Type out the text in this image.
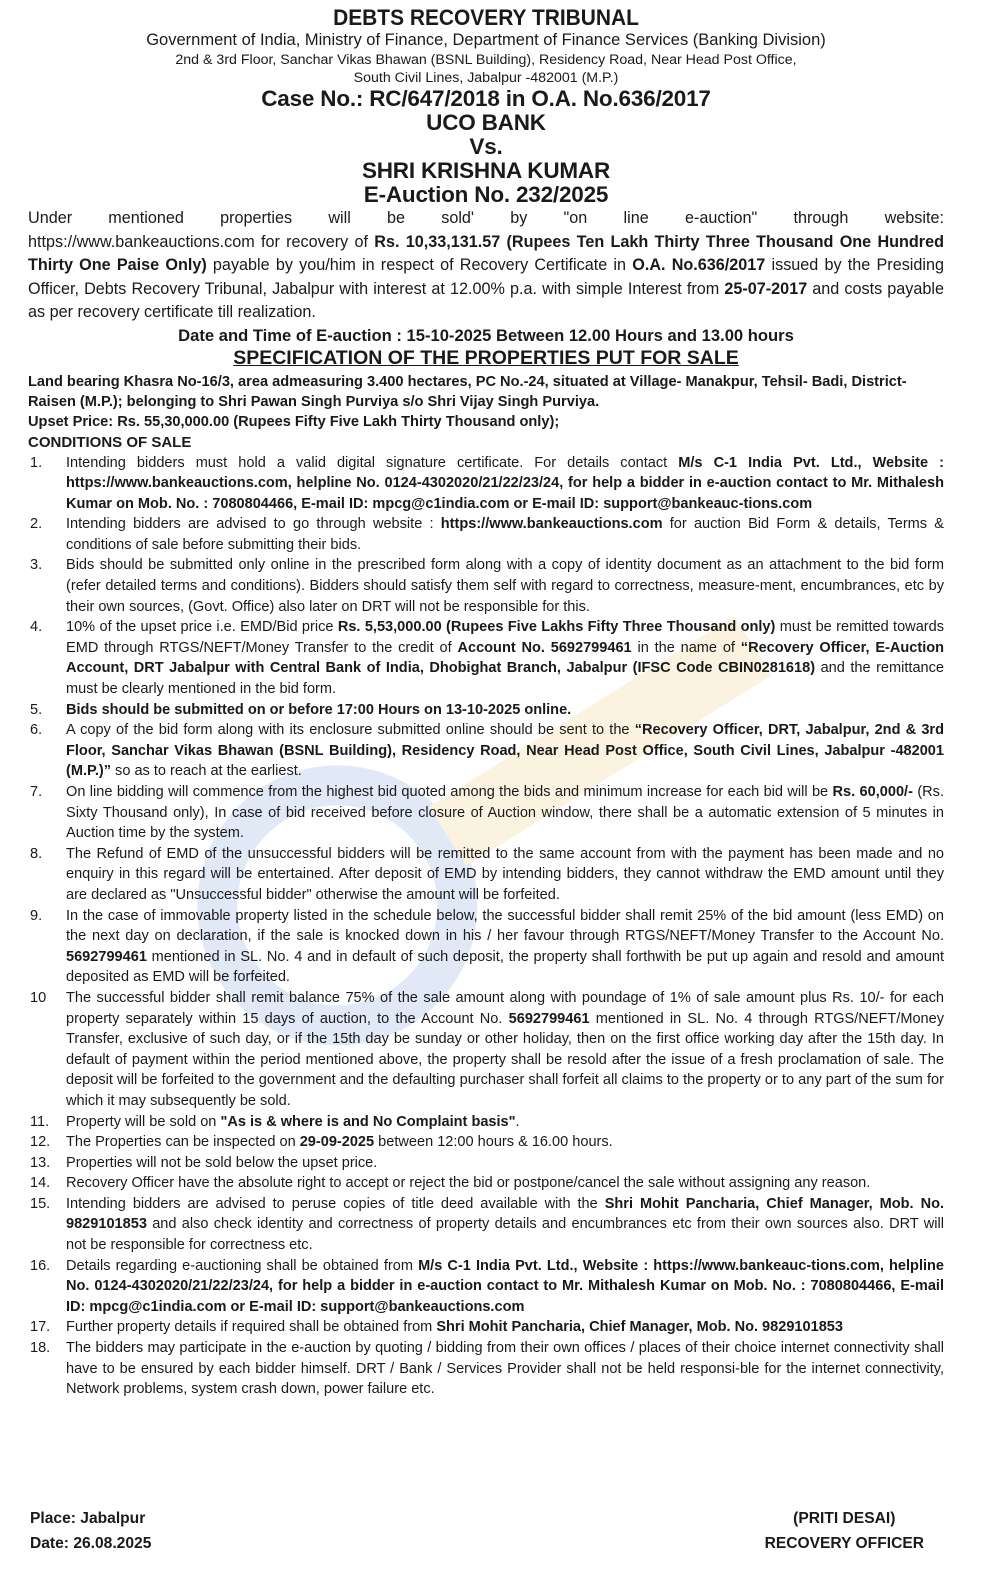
DEBTS RECOVERY TRIBUNAL
Government of India, Ministry of Finance, Department of Finance Services (Banking Division)
2nd & 3rd Floor, Sanchar Vikas Bhawan (BSNL Building), Residency Road, Near Head Post Office,
South Civil Lines, Jabalpur -482001 (M.P.)
Case No.: RC/647/2018 in O.A. No.636/2017
UCO BANK
Vs.
SHRI KRISHNA KUMAR
E-Auction No. 232/2025

Under mentioned properties will be sold' by "on line e-auction" through website:

https://www.bankeauctions.com for recovery of Rs. 10,33,131.57 (Rupees Ten Lakh Thirty Three Thousand One Hundred Thirty One Paise Only) payable by you/him in respect of Recovery Certificate in O.A. No.636/2017 issued by the Presiding Officer, Debts Recovery Tribunal, Jabalpur with interest at 12.00% p.a. with simple Interest from 25-07-2017 and costs payable as per recovery certificate till realization.

Date and Time of E-auction : 15-10-2025 Between 12.00 Hours and 13.00 hours
SPECIFICATION OF THE PROPERTIES PUT FOR SALE
Land bearing Khasra No-16/3, area admeasuring 3.400 hectares, PC No.-24, situated at Village- Manakpur, Tehsil- Badi, District- Raisen (M.P.); belonging to Shri Pawan Singh Purviya s/o Shri Vijay Singh Purviya.
Upset Price: Rs. 55,30,000.00 (Rupees Fifty Five Lakh Thirty Thousand only);
CONDITIONS OF SALE
1. Intending bidders must hold a valid digital signature certificate. For details contact M/s C-1 India Pvt. Ltd., Website : https://www.bankeauctions.com, helpline No. 0124-4302020/21/22/23/24, for help a bidder in e-auction contact to Mr. Mithalesh Kumar on Mob. No. : 7080804466, E-mail ID: mpcg@c1india.com or E-mail ID: support@bankeauc-tions.com
2. Intending bidders are advised to go through website : https://www.bankeauctions.com for auction Bid Form & details, Terms & conditions of sale before submitting their bids.
3. Bids should be submitted only online in the prescribed form along with a copy of identity document as an attachment to the bid form (refer detailed terms and conditions). Bidders should satisfy them self with regard to correctness, measure-ment, encumbrances, etc by their own sources, (Govt. Office) also later on DRT will not be responsible for this.
4. 10% of the upset price i.e. EMD/Bid price Rs. 5,53,000.00 (Rupees Five Lakhs Fifty Three Thousand only) must be remitted towards EMD through RTGS/NEFT/Money Transfer to the credit of Account No. 5692799461 in the name of “Recovery Officer, E-Auction Account, DRT Jabalpur with Central Bank of India, Dhobighat Branch, Jabalpur (IFSC Code CBIN0281618) and the remittance must be clearly mentioned in the bid form.
5. Bids should be submitted on or before 17:00 Hours on 13-10-2025 online.
6. A copy of the bid form along with its enclosure submitted online should be sent to the “Recovery Officer, DRT, Jabalpur, 2nd & 3rd Floor, Sanchar Vikas Bhawan (BSNL Building), Residency Road, Near Head Post Office, South Civil Lines, Jabalpur -482001 (M.P.)” so as to reach at the earliest.
7. On line bidding will commence from the highest bid quoted among the bids and minimum increase for each bid will be Rs. 60,000/- (Rs. Sixty Thousand only), In case of bid received before closure of Auction window, there shall be a automatic extension of 5 minutes in Auction time by the system.
8. The Refund of EMD of the unsuccessful bidders will be remitted to the same account from with the payment has been made and no enquiry in this regard will be entertained. After deposit of EMD by intending bidders, they cannot withdraw the EMD amount until they are declared as "Unsuccessful bidder" otherwise the amount will be forfeited.
9. In the case of immovable property listed in the schedule below, the successful bidder shall remit 25% of the bid amount (less EMD) on the next day on declaration, if the sale is knocked down in his / her favour through RTGS/NEFT/Money Transfer to the Account No. 5692799461 mentioned in SL. No. 4 and in default of such deposit, the property shall forthwith be put up again and resold and amount deposited as EMD will be forfeited.
10 The successful bidder shall remit balance 75% of the sale amount along with poundage of 1% of sale amount plus Rs. 10/- for each property separately within 15 days of auction, to the Account No. 5692799461 mentioned in SL. No. 4 through RTGS/NEFT/Money Transfer, exclusive of such day, or if the 15th day be sunday or other holiday, then on the first office working day after the 15th day. In default of payment within the period mentioned above, the property shall be resold after the issue of a fresh proclamation of sale. The deposit will be forfeited to the government and the defaulting purchaser shall forfeit all claims to the property or to any part of the sum for which it may subsequently be sold.
11. Property will be sold on "As is & where is and No Complaint basis".
12. The Properties can be inspected on 29-09-2025 between 12:00 hours & 16.00 hours.
13. Properties will not be sold below the upset price.
14. Recovery Officer have the absolute right to accept or reject the bid or postpone/cancel the sale without assigning any reason.
15. Intending bidders are advised to peruse copies of title deed available with the Shri Mohit Pancharia, Chief Manager, Mob. No. 9829101853 and also check identity and correctness of property details and encumbrances etc from their own sources also. DRT will not be responsible for correctness etc.
16. Details regarding e-auctioning shall be obtained from M/s C-1 India Pvt. Ltd., Website : https://www.bankeauc-tions.com, helpline No. 0124-4302020/21/22/23/24, for help a bidder in e-auction contact to Mr. Mithalesh Kumar on Mob. No. : 7080804466, E-mail ID: mpcg@c1india.com or E-mail ID: support@bankeauctions.com
17. Further property details if required shall be obtained from Shri Mohit Pancharia, Chief Manager, Mob. No. 9829101853
18. The bidders may participate in the e-auction by quoting / bidding from their own offices / places of their choice internet connectivity shall have to be ensured by each bidder himself. DRT / Bank / Services Provider shall not be held responsi-ble for the internet connectivity, Network problems, system crash down, power failure etc.
Place: Jabalpur
Date: 26.08.2025
(PRITI DESAI)
RECOVERY OFFICER
